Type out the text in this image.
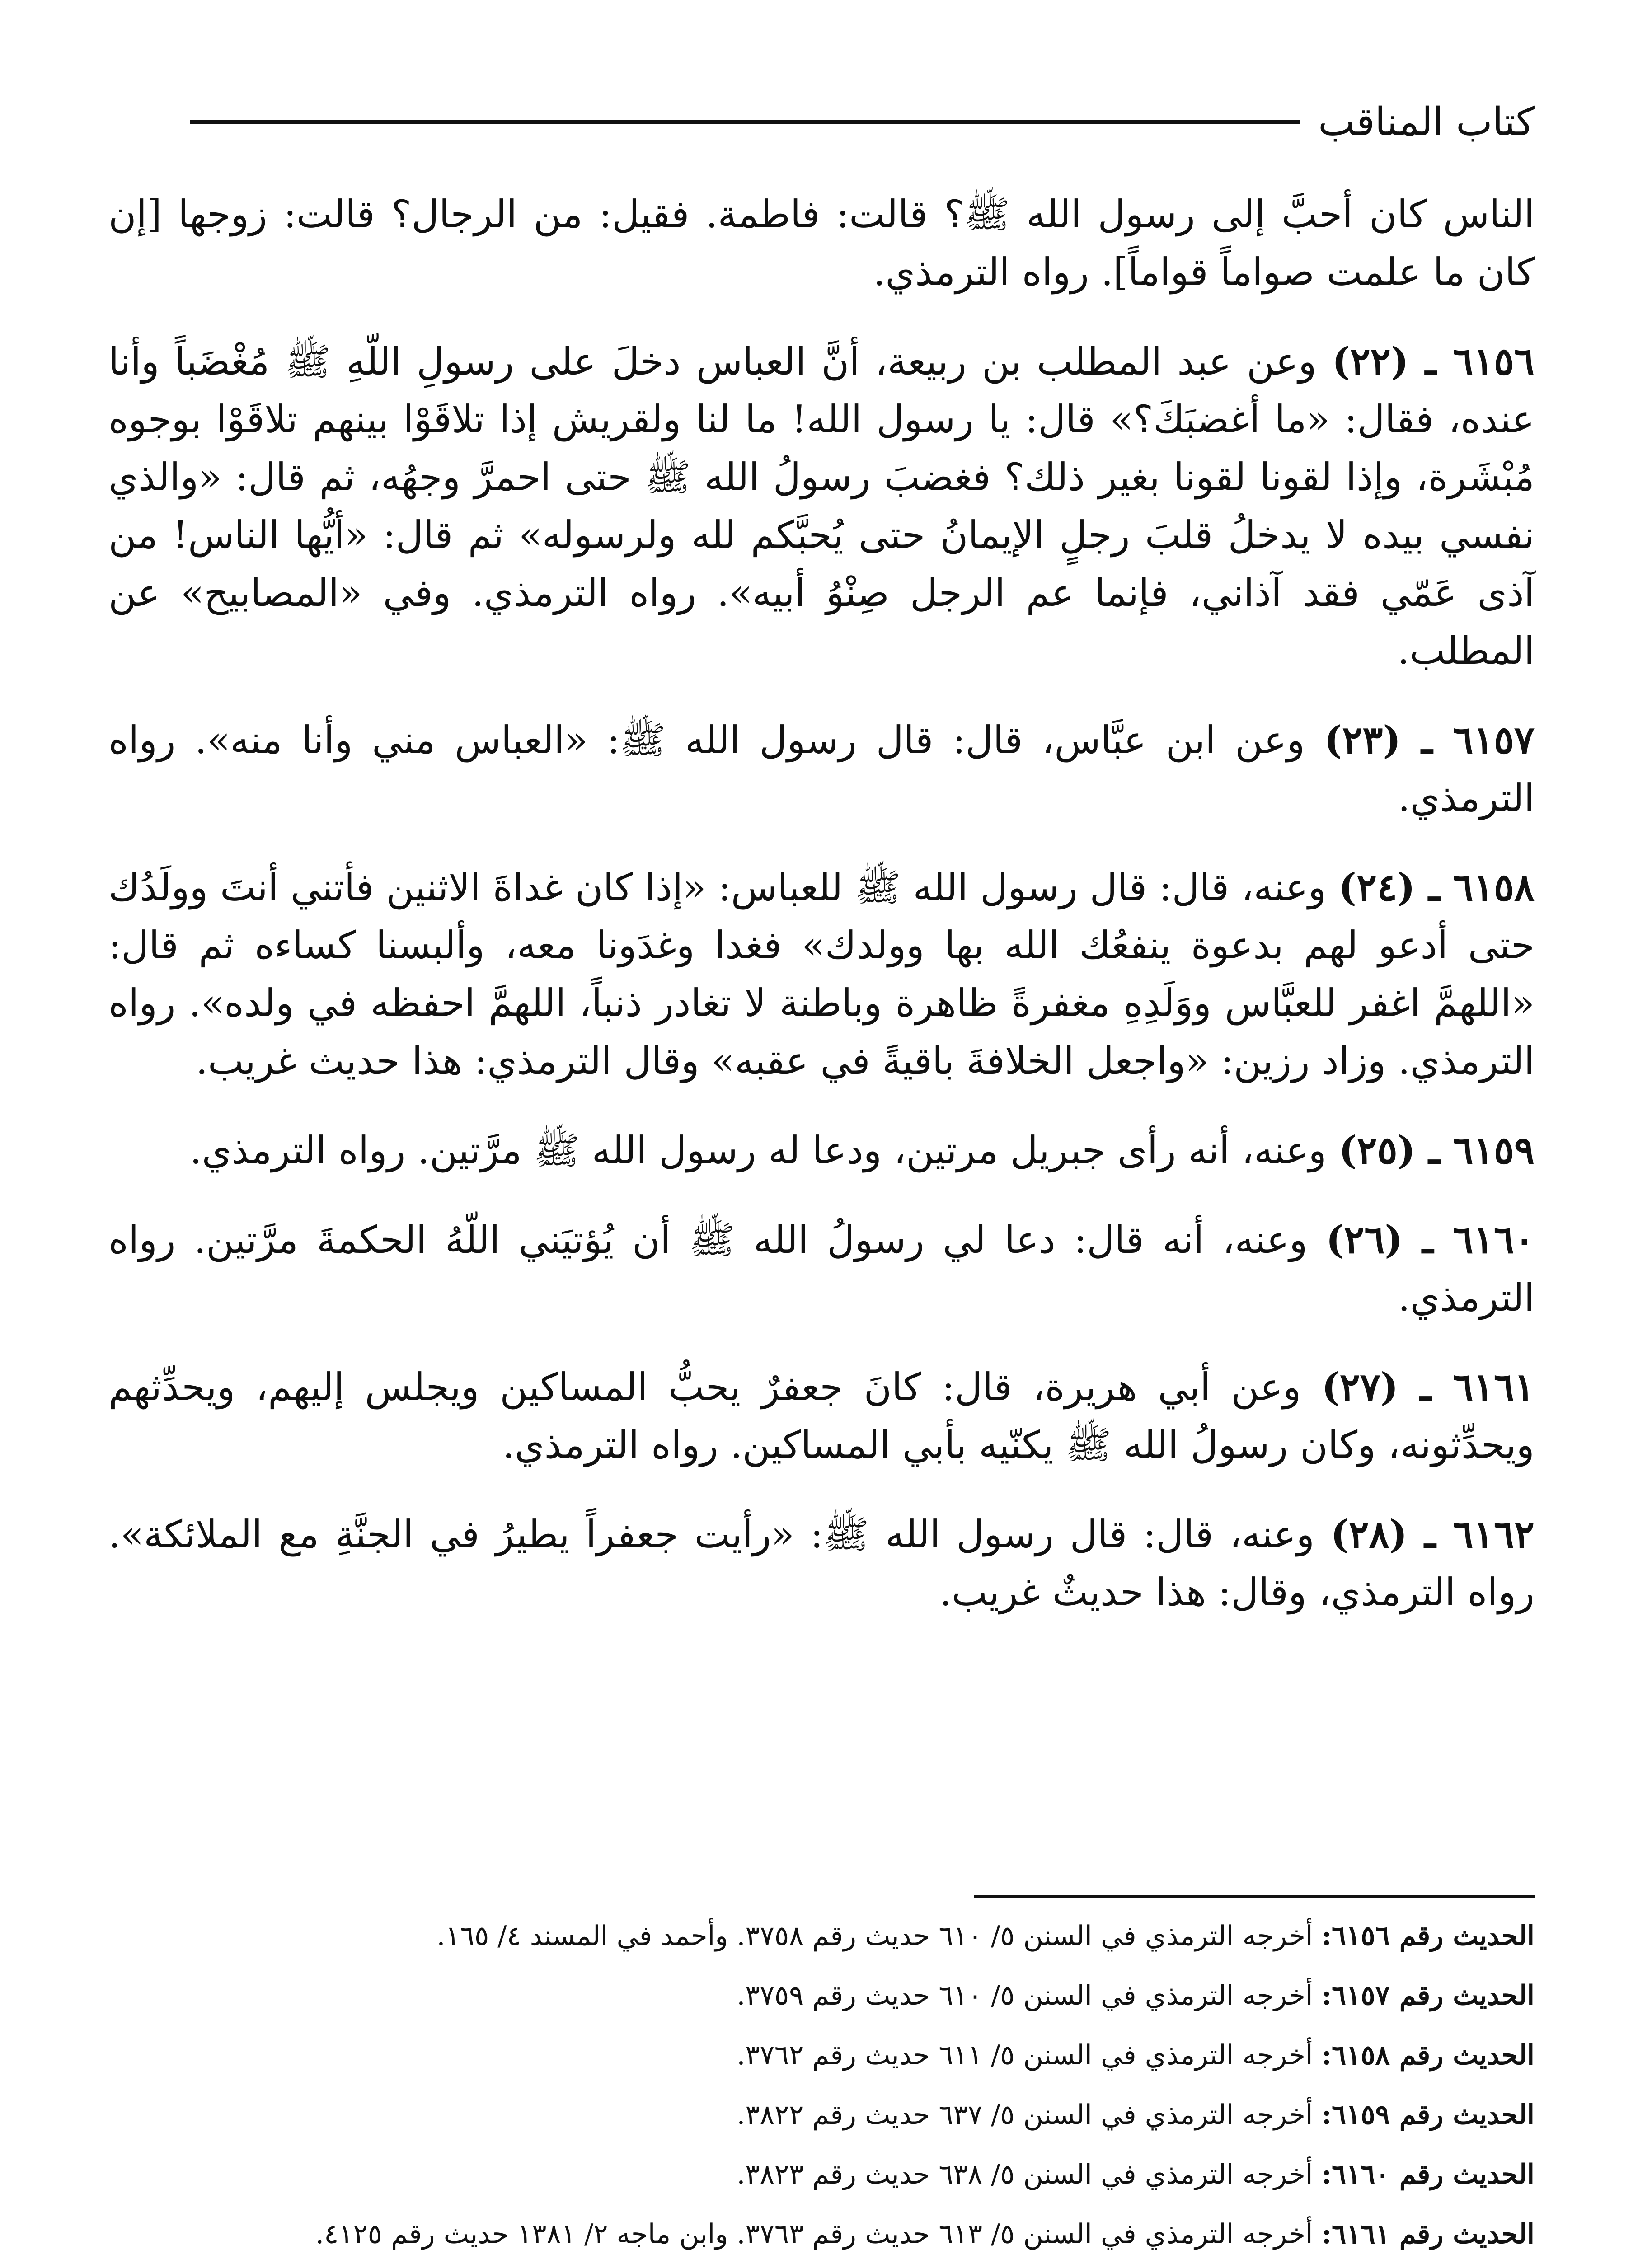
كتاب المناقب

الناس كان أحبَّ إلى رسول الله ﷺ؟ قالت: فاطمة. فقيل: من الرجال؟ قالت: زوجها [إن كان ما علمت صواماً قواماً]. رواه الترمذي.

٦١٥٦ ـ (٢٢) وعن عبد المطلب بن ربيعة، أنَّ العباس دخلَ على رسولِ اللّهِ ﷺ مُغْضَباً وأنا عنده، فقال: «ما أغضبَكَ؟» قال: يا رسول الله! ما لنا ولقريش إذا تلاقَوْا بينهم تلاقَوْا بوجوه مُبْشَرة، وإذا لقونا لقونا بغير ذلك؟ فغضبَ رسولُ الله ﷺ حتى احمرَّ وجهُه، ثم قال: «والذي نفسي بيده لا يدخلُ قلبَ رجلٍ الإيمانُ حتى يُحبَّكم لله ولرسوله» ثم قال: «أيُّها الناس! من آذى عَمّي فقد آذاني، فإنما عم الرجل صِنْوُ أبيه». رواه الترمذي. وفي «المصابيح» عن المطلب.

٦١٥٧ ـ (٢٣) وعن ابن عبَّاس، قال: قال رسول الله ﷺ: «العباس مني وأنا منه». رواه الترمذي.

٦١٥٨ ـ (٢٤) وعنه، قال: قال رسول الله ﷺ للعباس: «إذا كان غداةَ الاثنين فأتني أنتَ وولَدُك حتى أدعو لهم بدعوة ينفعُك الله بها وولدك» فغدا وغدَونا معه، وألبسنا كساءه ثم قال: «اللهمَّ اغفر للعبَّاس ووَلَدِهِ مغفرةً ظاهرة وباطنة لا تغادر ذنباً، اللهمَّ احفظه في ولده». رواه الترمذي. وزاد رزين: «واجعل الخلافةَ باقيةً في عقبه» وقال الترمذي: هذا حديث غريب.

٦١٥٩ ـ (٢٥) وعنه، أنه رأى جبريل مرتين، ودعا له رسول الله ﷺ مرَّتين. رواه الترمذي.

٦١٦٠ ـ (٢٦) وعنه، أنه قال: دعا لي رسولُ الله ﷺ أن يُؤتيَني اللّهُ الحكمةَ مرَّتين. رواه الترمذي.

٦١٦١ ـ (٢٧) وعن أبي هريرة، قال: كانَ جعفرٌ يحبُّ المساكين ويجلس إليهم، ويحدِّثهم ويحدِّثونه، وكان رسولُ الله ﷺ يكنّيه بأبي المساكين. رواه الترمذي.

٦١٦٢ ـ (٢٨) وعنه، قال: قال رسول الله ﷺ: «رأيت جعفراً يطيرُ في الجنَّةِ مع الملائكة». رواه الترمذي، وقال: هذا حديثٌ غريب.

الحديث رقم ٦١٥٦: أخرجه الترمذي في السنن ٥/ ٦١٠ حديث رقم ٣٧٥٨. وأحمد في المسند ٤/ ١٦٥.

الحديث رقم ٦١٥٧: أخرجه الترمذي في السنن ٥/ ٦١٠ حديث رقم ٣٧٥٩.

الحديث رقم ٦١٥٨: أخرجه الترمذي في السنن ٥/ ٦١١ حديث رقم ٣٧٦٢.

الحديث رقم ٦١٥٩: أخرجه الترمذي في السنن ٥/ ٦٣٧ حديث رقم ٣٨٢٢.

الحديث رقم ٦١٦٠: أخرجه الترمذي في السنن ٥/ ٦٣٨ حديث رقم ٣٨٢٣.

الحديث رقم ٦١٦١: أخرجه الترمذي في السنن ٥/ ٦١٣ حديث رقم ٣٧٦٣. وابن ماجه ٢/ ١٣٨١ حديث رقم ٤١٢٥.
